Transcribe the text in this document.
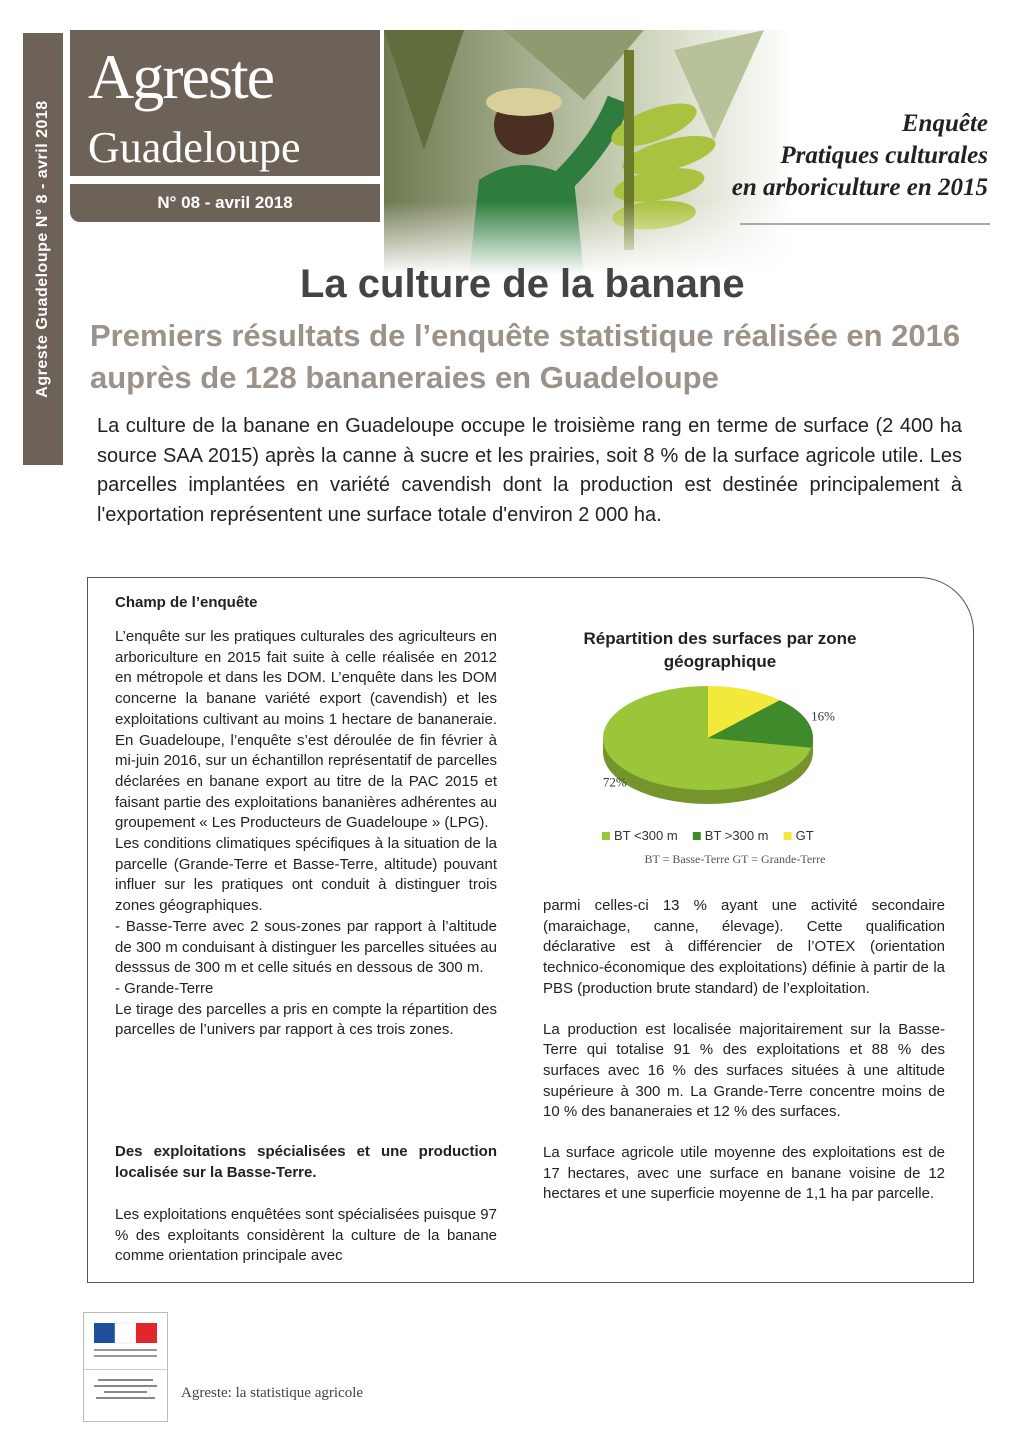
Agreste Guadeloupe N° 8 - avril 2018
Agreste
Guadeloupe
N° 08 - avril 2018
Enquête
Pratiques culturales
en arboriculture en 2015
La culture de la banane
Premiers résultats de l’enquête statistique réalisée en 2016 auprès de 128 bananeraies en Guadeloupe
La culture de la banane en Guadeloupe occupe le troisième rang en terme de surface (2 400 ha source SAA 2015) après la canne à sucre et les prairies, soit 8 % de la surface agricole utile. Les parcelles implantées en variété cavendish dont la production est destinée principalement à l'exportation représentent une surface totale d'environ 2 000 ha.
Champ de l’enquête

L’enquête sur les pratiques culturales des agriculteurs en arboriculture en 2015 fait suite à celle réalisée en 2012 en métropole et dans les DOM. L’enquête dans les DOM concerne la banane variété export (cavendish) et les exploitations cultivant au moins 1 hectare de bananeraie. En Guadeloupe, l’enquête s’est déroulée de fin février à mi-juin 2016, sur un échantillon représentatif de parcelles déclarées en banane export au titre de la PAC 2015 et faisant partie des exploitations bananières adhérentes au groupement « Les Producteurs de Guadeloupe » (LPG).

Les conditions climatiques spécifiques à la situation de la parcelle (Grande-Terre et Basse-Terre, altitude) pouvant influer sur les pratiques ont conduit à distinguer trois zones géographiques.

- Basse-Terre avec 2 sous-zones par rapport à l’altitude de 300 m conduisant à distinguer les parcelles situées au desssus de 300 m et celle situés en dessous de 300 m.

- Grande-Terre

Le tirage des parcelles a pris en compte la répartition des parcelles de l’univers par rapport à ces trois zones.

Des exploitations spécialisées et une production localisée sur la Basse-Terre.
Les exploitations enquêtées sont spécialisées puisque 97 % des exploitants considèrent la culture de la banane comme orientation principale avec

parmi celles-ci 13 % ayant une activité secondaire (maraichage, canne, élevage). Cette qualification déclarative est à différencier de l’OTEX (orientation technico-économique des exploitations) définie à partir de la PBS (production brute standard) de l’exploitation.

La production est localisée majoritairement sur la Basse-Terre qui totalise 91 % des exploitations et 88 % des surfaces avec 16 % des surfaces situées à une altitude supérieure à 300 m. La Grande-Terre concentre moins de 10 % des bananeraies et 12 % des surfaces.

La surface agricole utile moyenne des exploitations est de 17 hectares, avec une surface en banane voisine de 12 hectares et une superficie moyenne de 1,1 ha par parcelle.

Répartition des surfaces par zone géographique
16%
72%
BT <300 m BT >300 m GT
BT = Basse-Terre GT = Grande-Terre
Agreste: la statistique agricole
